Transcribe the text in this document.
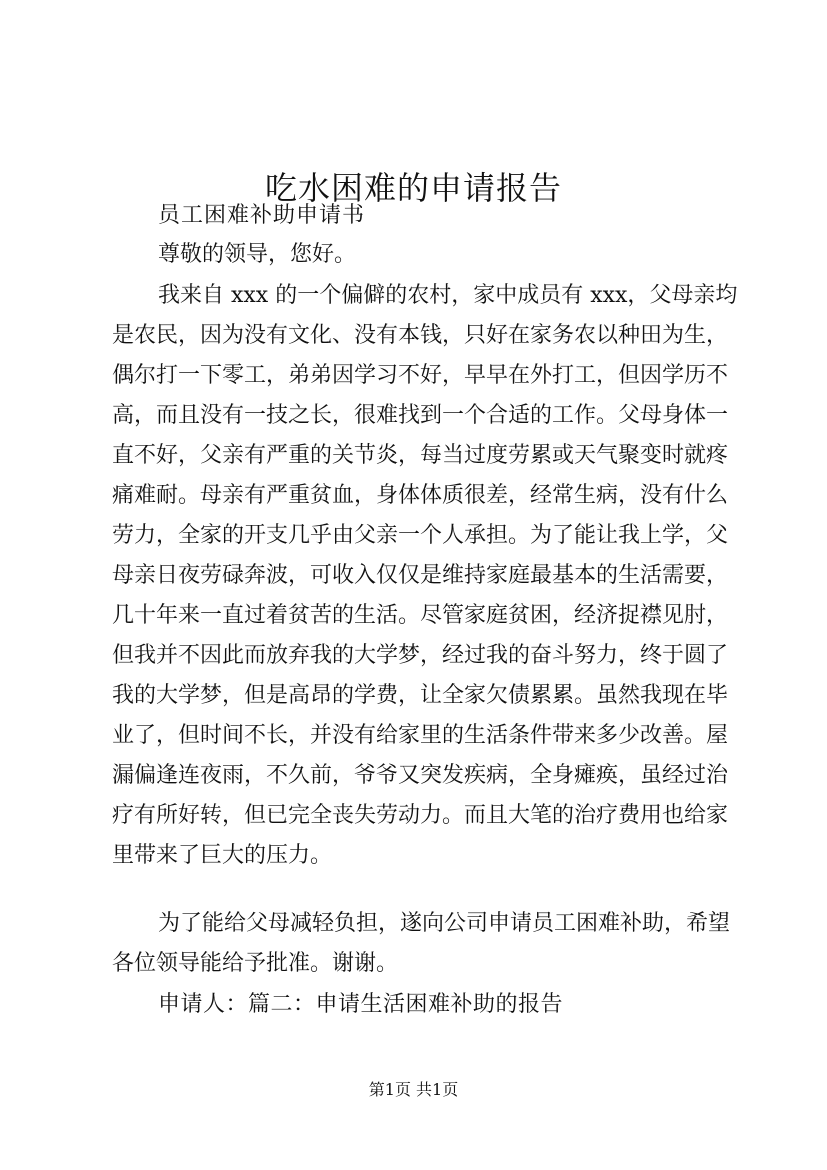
吃水困难的申请报告
员工困难补助申请书
尊敬的领导，您好。
我来自 xxx 的一个偏僻的农村，家中成员有 xxx，父母亲均
是农民，因为没有文化、没有本钱，只好在家务农以种田为生，
偶尔打一下零工，弟弟因学习不好，早早在外打工，但因学历不
高，而且没有一技之长，很难找到一个合适的工作。父母身体一
直不好，父亲有严重的关节炎，每当过度劳累或天气聚变时就疼
痛难耐。母亲有严重贫血，身体体质很差，经常生病，没有什么
劳力，全家的开支几乎由父亲一个人承担。为了能让我上学，父
母亲日夜劳碌奔波，可收入仅仅是维持家庭最基本的生活需要，
几十年来一直过着贫苦的生活。尽管家庭贫困，经济捉襟见肘，
但我并不因此而放弃我的大学梦，经过我的奋斗努力，终于圆了
我的大学梦，但是高昂的学费，让全家欠债累累。虽然我现在毕
业了，但时间不长，并没有给家里的生活条件带来多少改善。屋
漏偏逢连夜雨，不久前，爷爷又突发疾病，全身瘫痪，虽经过治
疗有所好转，但已完全丧失劳动力。而且大笔的治疗费用也给家
里带来了巨大的压力。
为了能给父母减轻负担，遂向公司申请员工困难补助，希望
各位领导能给予批准。谢谢。
申请人：篇二：申请生活困难补助的报告
第1页 共1页
